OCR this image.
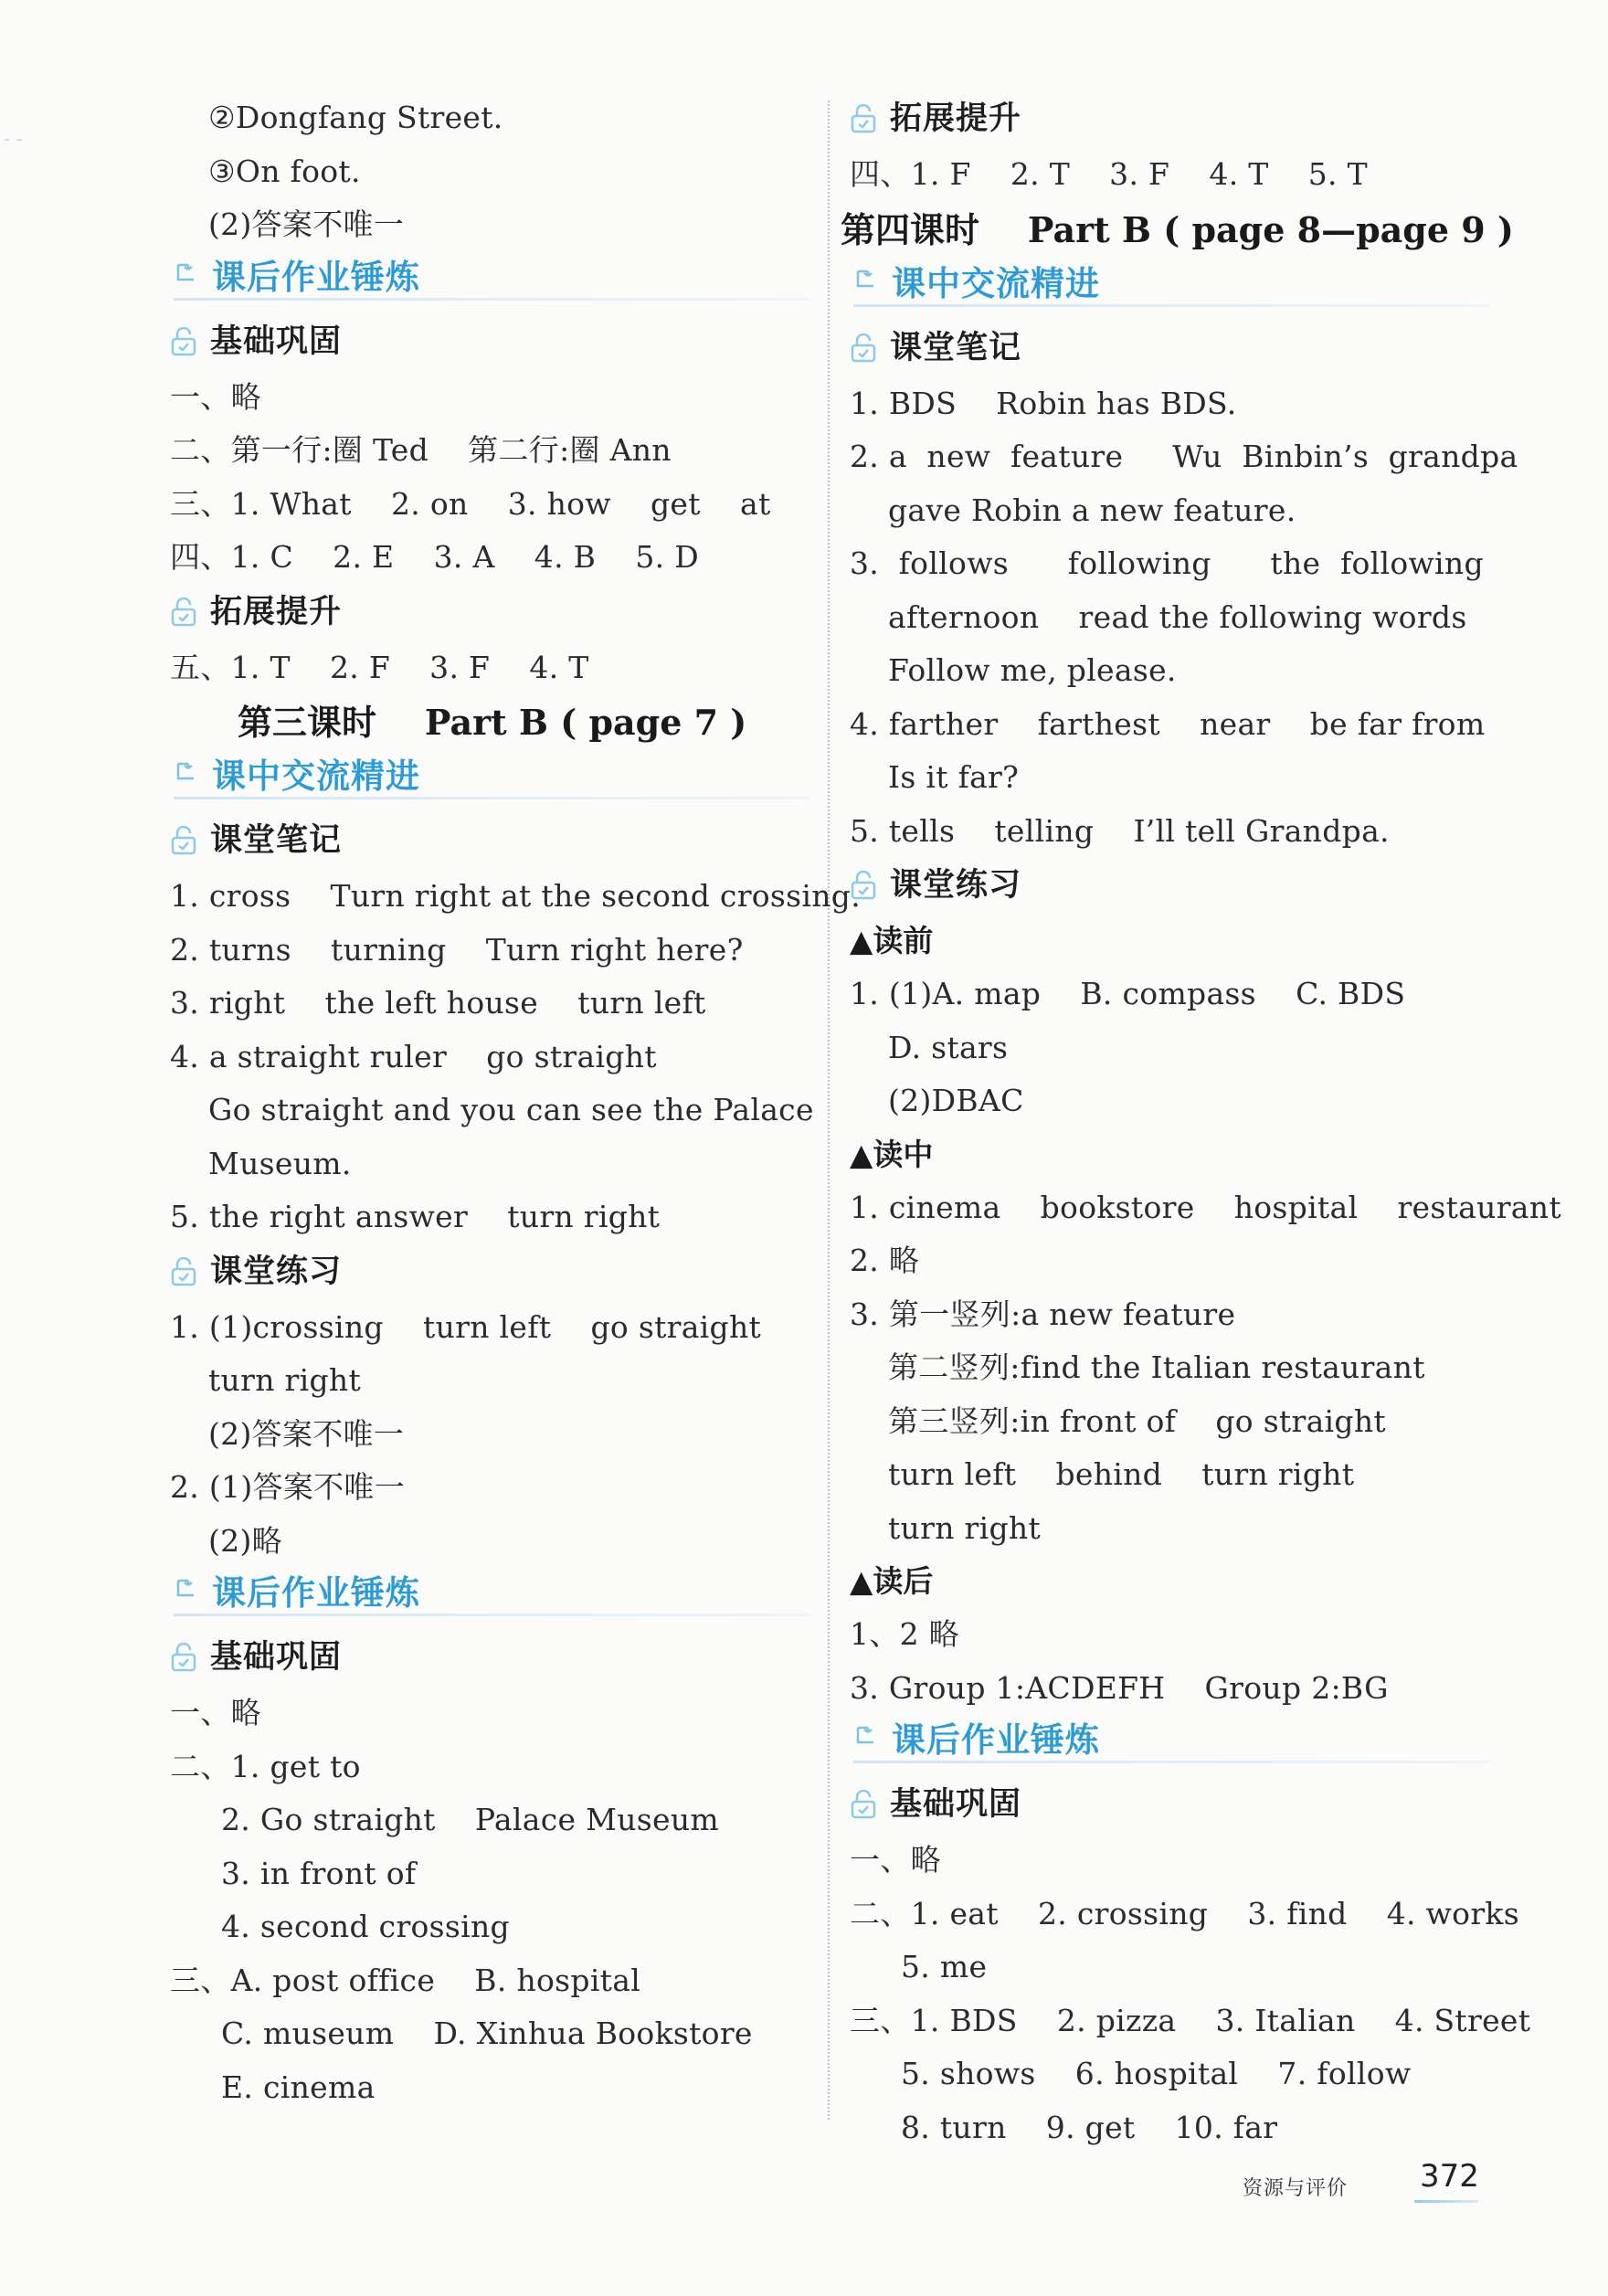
- -
②Dongfang Street.
③On foot.
(2)答案不唯一
课后作业锤炼
基础巩固
一、略
二、第一行:圈 Ted    第二行:圈 Ann
三、1. What    2. on    3. how    get    at
四、1. C    2. E    3. A    4. B    5. D
拓展提升
五、1. T    2. F    3. F    4. T
第三课时    Part B ( page 7 )
课中交流精进
课堂笔记
1. cross    Turn right at the second crossing.
2. turns    turning    Turn right here?
3. right    the left house    turn left
4. a straight ruler    go straight
Go straight and you can see the Palace
Museum.
5. the right answer    turn right
课堂练习
1. (1)crossing    turn left    go straight
turn right
(2)答案不唯一
2. (1)答案不唯一
(2)略
课后作业锤炼
基础巩固
一、略
二、1. get to
2. Go straight    Palace Museum
3. in front of
4. second crossing
三、A. post office    B. hospital
C. museum    D. Xinhua Bookstore
E. cinema
拓展提升
四、1. F    2. T    3. F    4. T    5. T
第四课时    Part B ( page 8—page 9 )
课中交流精进
课堂笔记
1. BDS    Robin has BDS.
2. a  new  feature     Wu  Binbin’s  grandpa
gave Robin a new feature.
3.  follows      following      the  following
afternoon    read the following words
Follow me, please.
4. farther    farthest    near    be far from
Is it far?
5. tells    telling    I’ll tell Grandpa.
课堂练习
▲读前
1. (1)A. map    B. compass    C. BDS
D. stars
(2)DBAC
▲读中
1. cinema    bookstore    hospital    restaurant
2. 略
3. 第一竖列:a new feature
第二竖列:find the Italian restaurant
第三竖列:in front of    go straight
turn left    behind    turn right
turn right
▲读后
1、2 略
3. Group 1:ACDEFH    Group 2:BG
课后作业锤炼
基础巩固
一、略
二、1. eat    2. crossing    3. find    4. works
5. me
三、1. BDS    2. pizza    3. Italian    4. Street
5. shows    6. hospital    7. follow
8. turn    9. get    10. far
资源与评价 372
